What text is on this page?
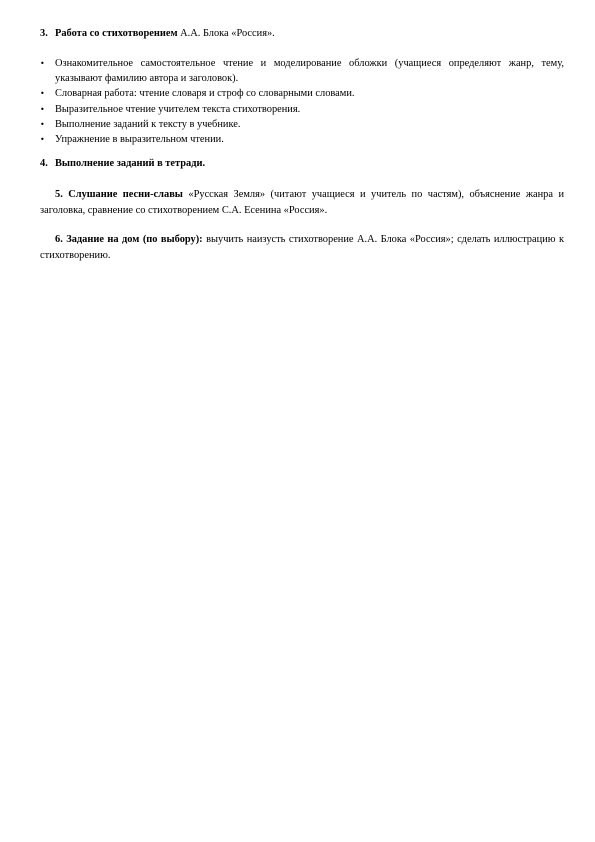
3. Работа со стихотворением А.А. Блока «Россия».
• Ознакомительное самостоятельное чтение и моделирование обложки (учащиеся определяют жанр, тему, указывают фамилию автора и заголовок).
• Словарная работа: чтение словаря и строф со словарными словами.
• Выразительное чтение учителем текста стихотворения.
• Выполнение заданий к тексту в учебнике.
• Упражнение в выразительном чтении.
4. Выполнение заданий в тетради.

5. Слушание песни-славы «Русская Земля» (читают учащиеся и учитель по частям), объяснение жанра и заголовка, сравнение со стихотворением С.А. Есенина «Россия».

6. Задание на дом (по выбору): выучить наизусть стихотворение А.А. Блока «Россия»; сделать иллюстрацию к стихотворению.
